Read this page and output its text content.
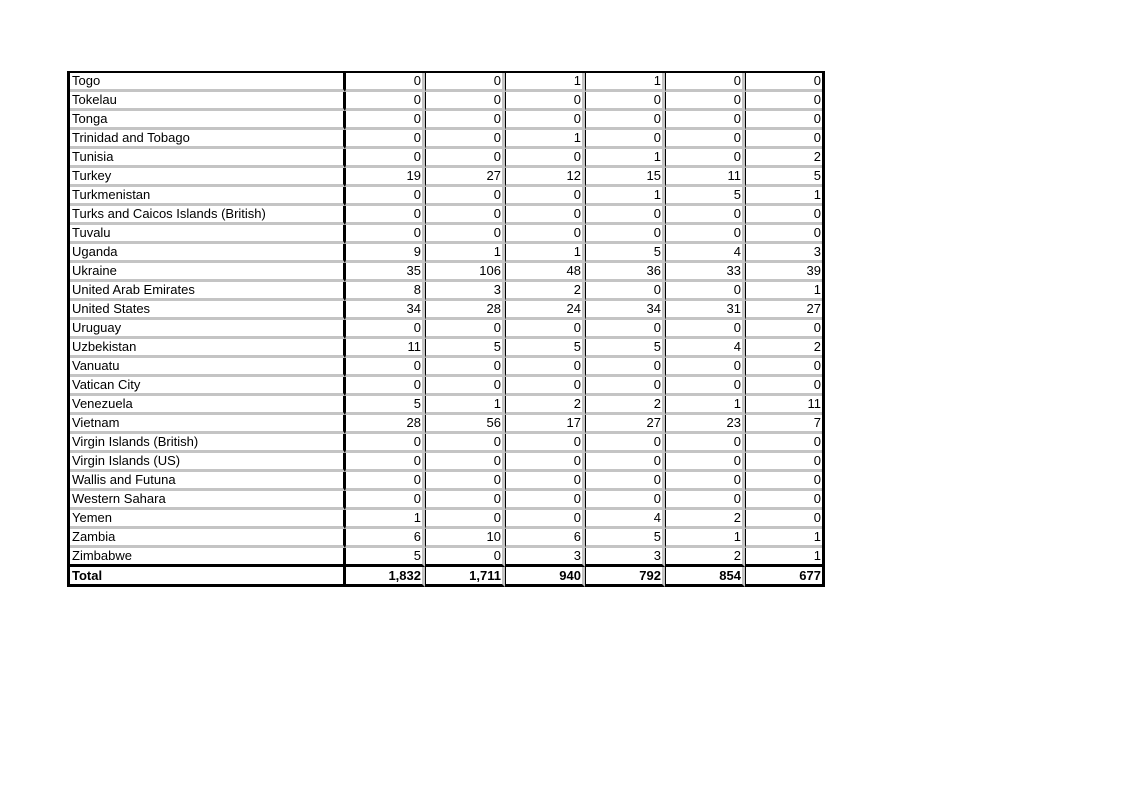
Togo	0	0	1	1	0	0
Tokelau	0	0	0	0	0	0
Tonga	0	0	0	0	0	0
Trinidad and Tobago	0	0	1	0	0	0
Tunisia	0	0	0	1	0	2
Turkey	19	27	12	15	11	5
Turkmenistan	0	0	0	1	5	1
Turks and Caicos Islands (British)	0	0	0	0	0	0
Tuvalu	0	0	0	0	0	0
Uganda	9	1	1	5	4	3
Ukraine	35	106	48	36	33	39
United Arab Emirates	8	3	2	0	0	1
United States	34	28	24	34	31	27
Uruguay	0	0	0	0	0	0
Uzbekistan	11	5	5	5	4	2
Vanuatu	0	0	0	0	0	0
Vatican City	0	0	0	0	0	0
Venezuela	5	1	2	2	1	11
Vietnam	28	56	17	27	23	7
Virgin Islands (British)	0	0	0	0	0	0
Virgin Islands (US)	0	0	0	0	0	0
Wallis and Futuna	0	0	0	0	0	0
Western Sahara	0	0	0	0	0	0
Yemen	1	0	0	4	2	0
Zambia	6	10	6	5	1	1
Zimbabwe	5	0	3	3	2	1
Total	1,832	1,711	940	792	854	677
